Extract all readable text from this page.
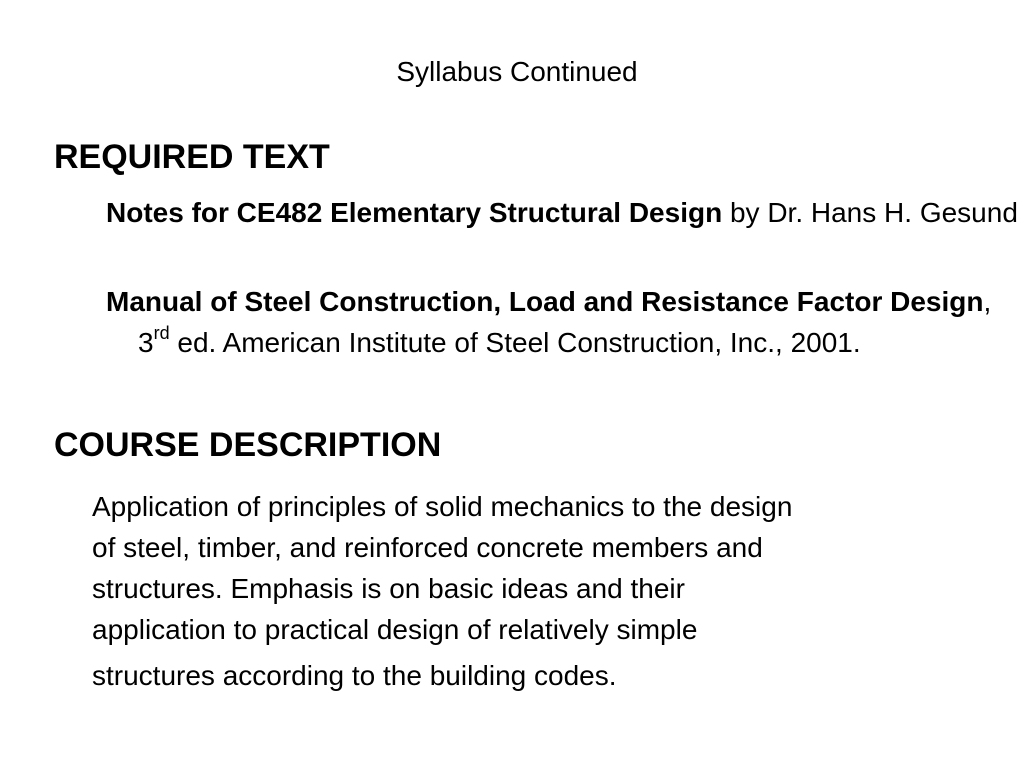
Syllabus Continued
REQUIRED TEXT
Notes for CE482 Elementary Structural Design by Dr. Hans H. Gesund
Manual of Steel Construction, Load and Resistance Factor Design, 3rd ed. American Institute of Steel Construction, Inc., 2001.
COURSE DESCRIPTION
Application of principles of solid mechanics to the design
of steel, timber, and reinforced concrete members and
structures. Emphasis is on basic ideas and their
application to practical design of relatively simple
structures according to the building codes.
